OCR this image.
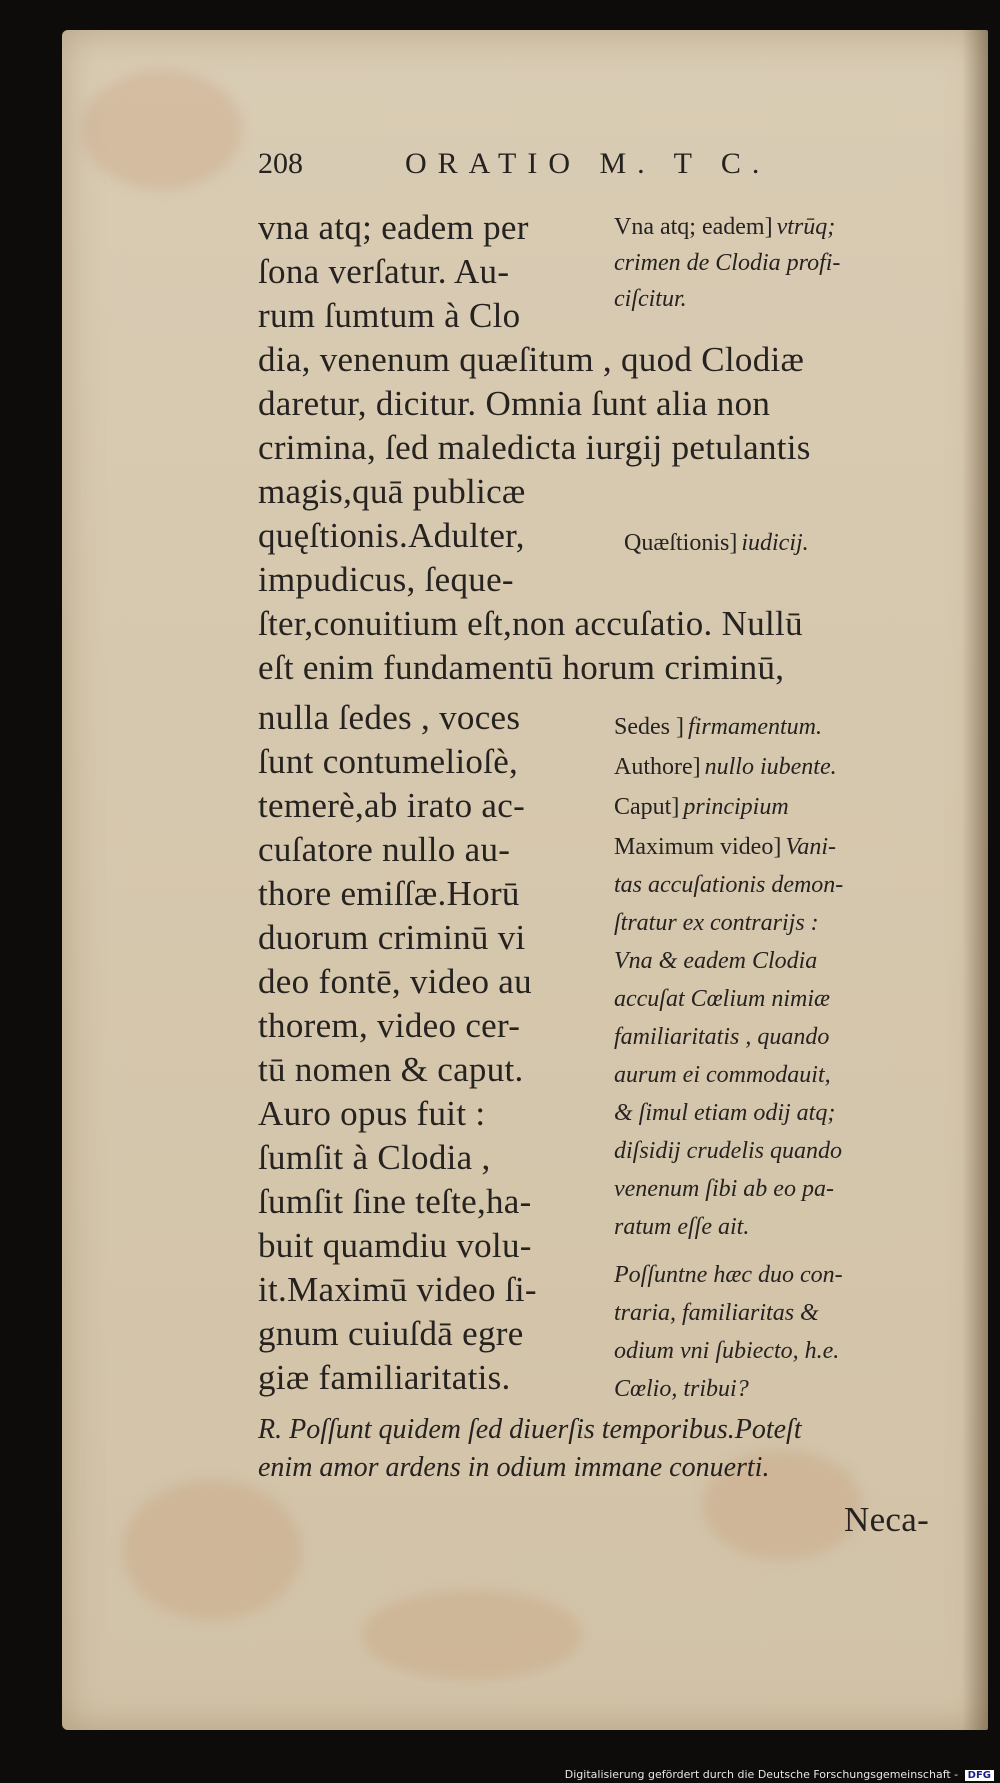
208	ORATIO M. T C.
vna atq; eadem per
ſona verſatur. Au-
rum ſumtum à Clo
dia, venenum quæſitum , quod Clodiæ
daretur, dicitur. Omnia ſunt alia non
crimina, ſed maledicta iurgij petulantis
magis,quā publicæ
quęſtionis.Adulter,
impudicus, ſeque-
ſter,conuitium eſt,non accuſatio. Nullū
eſt enim fundamentū horum criminū,
nulla ſedes , voces
ſunt contumelioſè,
temerè,ab irato ac-
cuſatore nullo au-
thore emiſſæ.Horū
duorum criminū vi
deo fontē, video au
thorem, video cer-
tū nomen & caput.
Auro opus fuit :
ſumſit à Clodia ,
ſumſit ſine teſte,ha-
buit quamdiu volu-
it.Maximū video ſi-
gnum cuiuſdā egre
giæ familiaritatis.
Vna atq; eadem] vtrūq;
crimen de Clodia profi-
ciſcitur.
Quæſtionis] iudicij.
Sedes ] firmamentum.
Authore] nullo iubente.
Caput] principium
Maximum video] Vani-
tas accuſationis demon-
ſtratur ex contrarijs :
Vna & eadem Clodia
accuſat Cœlium nimiæ
familiaritatis , quando
aurum ei commodauit,
& ſimul etiam odij atq;
diſsidij crudelis quando
venenum ſibi ab eo pa-
ratum eſſe ait.
Poſſuntne hæc duo con-
traria, familiaritas &
odium vni ſubiecto, h.e.
Cœlio, tribui?
R. Poſſunt quidem ſed diuerſis temporibus.Poteſt
enim amor ardens in odium immane conuerti.
Neca-
Digitalisierung gefördert durch die Deutsche Forschungsgemeinschaft - DFG
